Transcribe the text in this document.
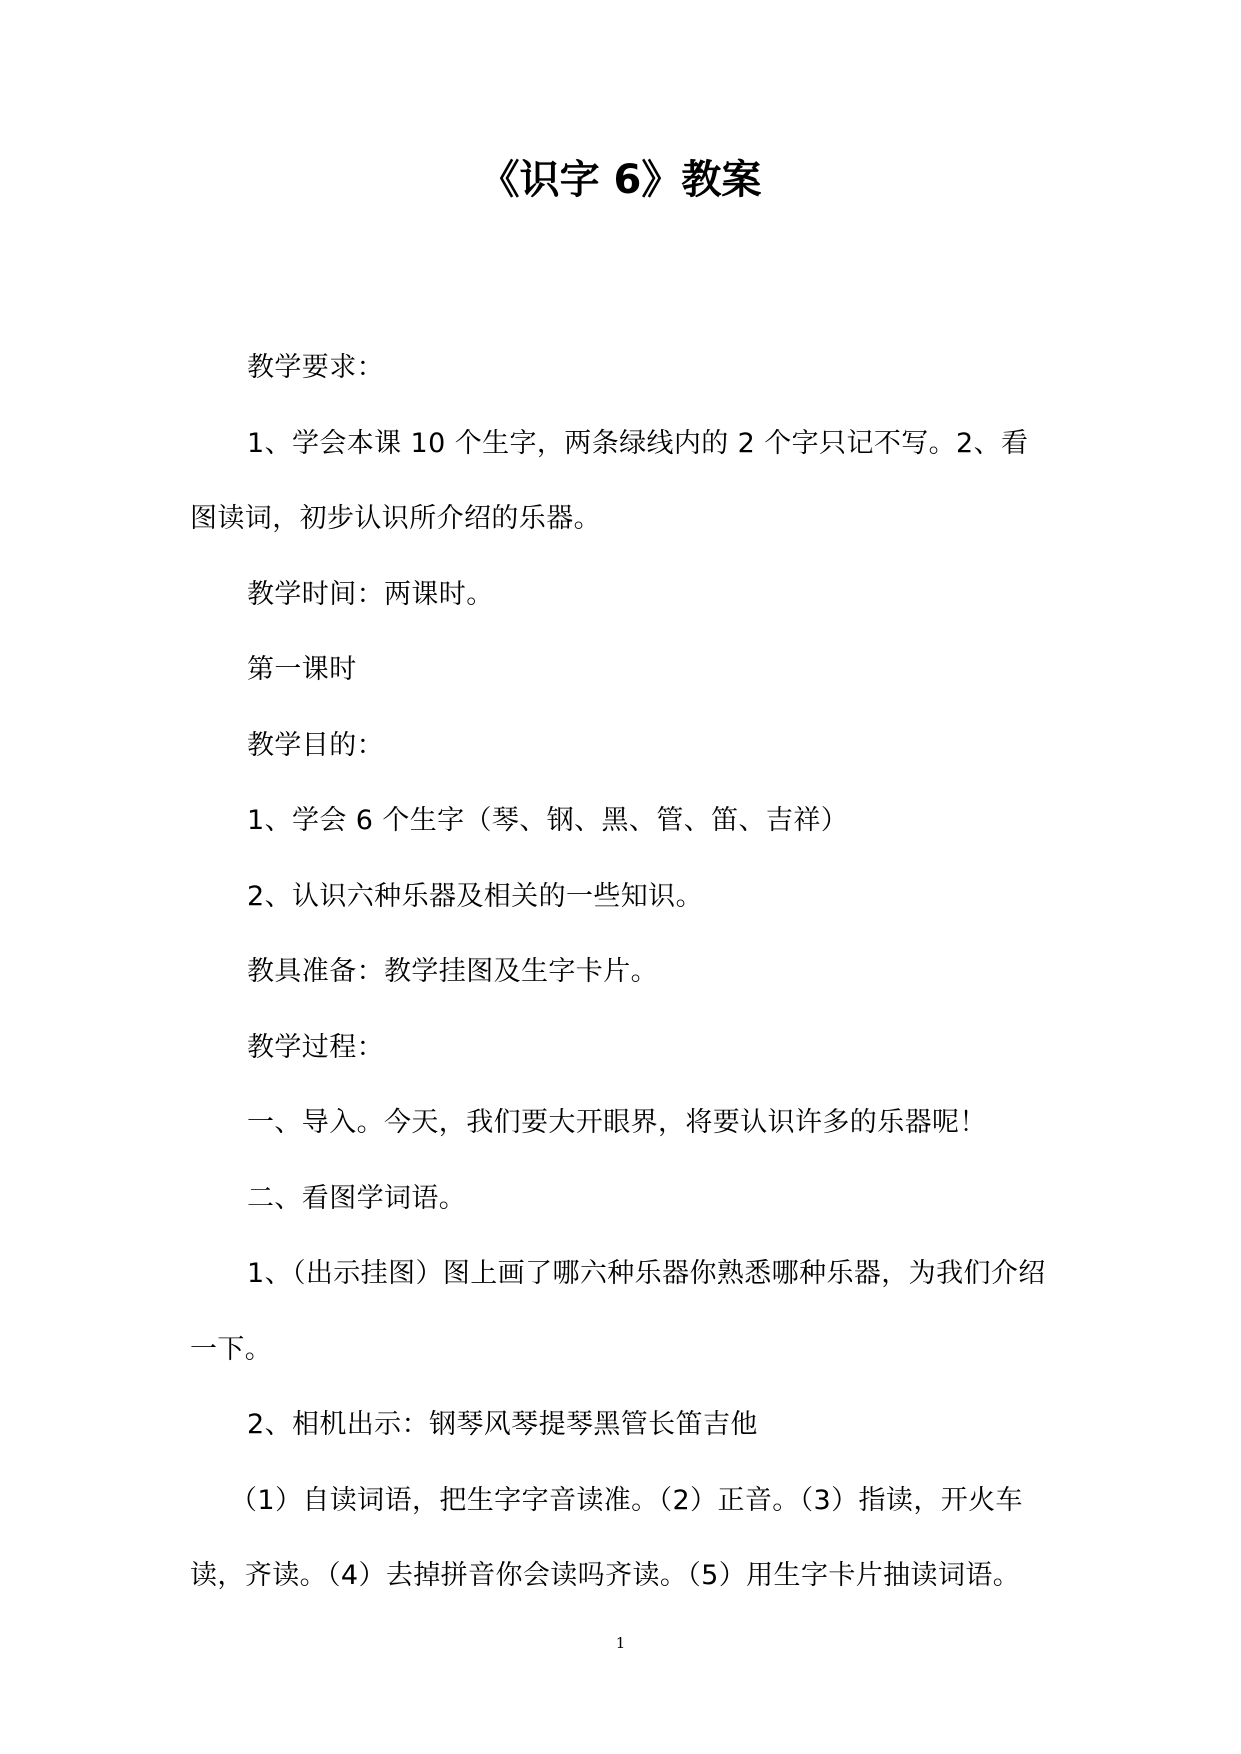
《识字 6》教案

教学要求：

1、学会本课 10 个生字，两条绿线内的 2 个字只记不写。2、看图读词，初步认识所介绍的乐器。

教学时间：两课时。

第一课时

教学目的：

1、学会 6 个生字（琴、钢、黑、管、笛、吉祥）

2、认识六种乐器及相关的一些知识。

教具准备：教学挂图及生字卡片。

教学过程：

一、导入。今天，我们要大开眼界，将要认识许多的乐器呢！

二、看图学词语。

1、（出示挂图）图上画了哪六种乐器你熟悉哪种乐器，为我们介绍一下。

2、相机出示：钢琴风琴提琴黑管长笛吉他

（1）自读词语，把生字字音读准。（2）正音。（3）指读，开火车读，齐读。（4）去掉拼音你会读吗齐读。（5）用生字卡片抽读词语。

1
